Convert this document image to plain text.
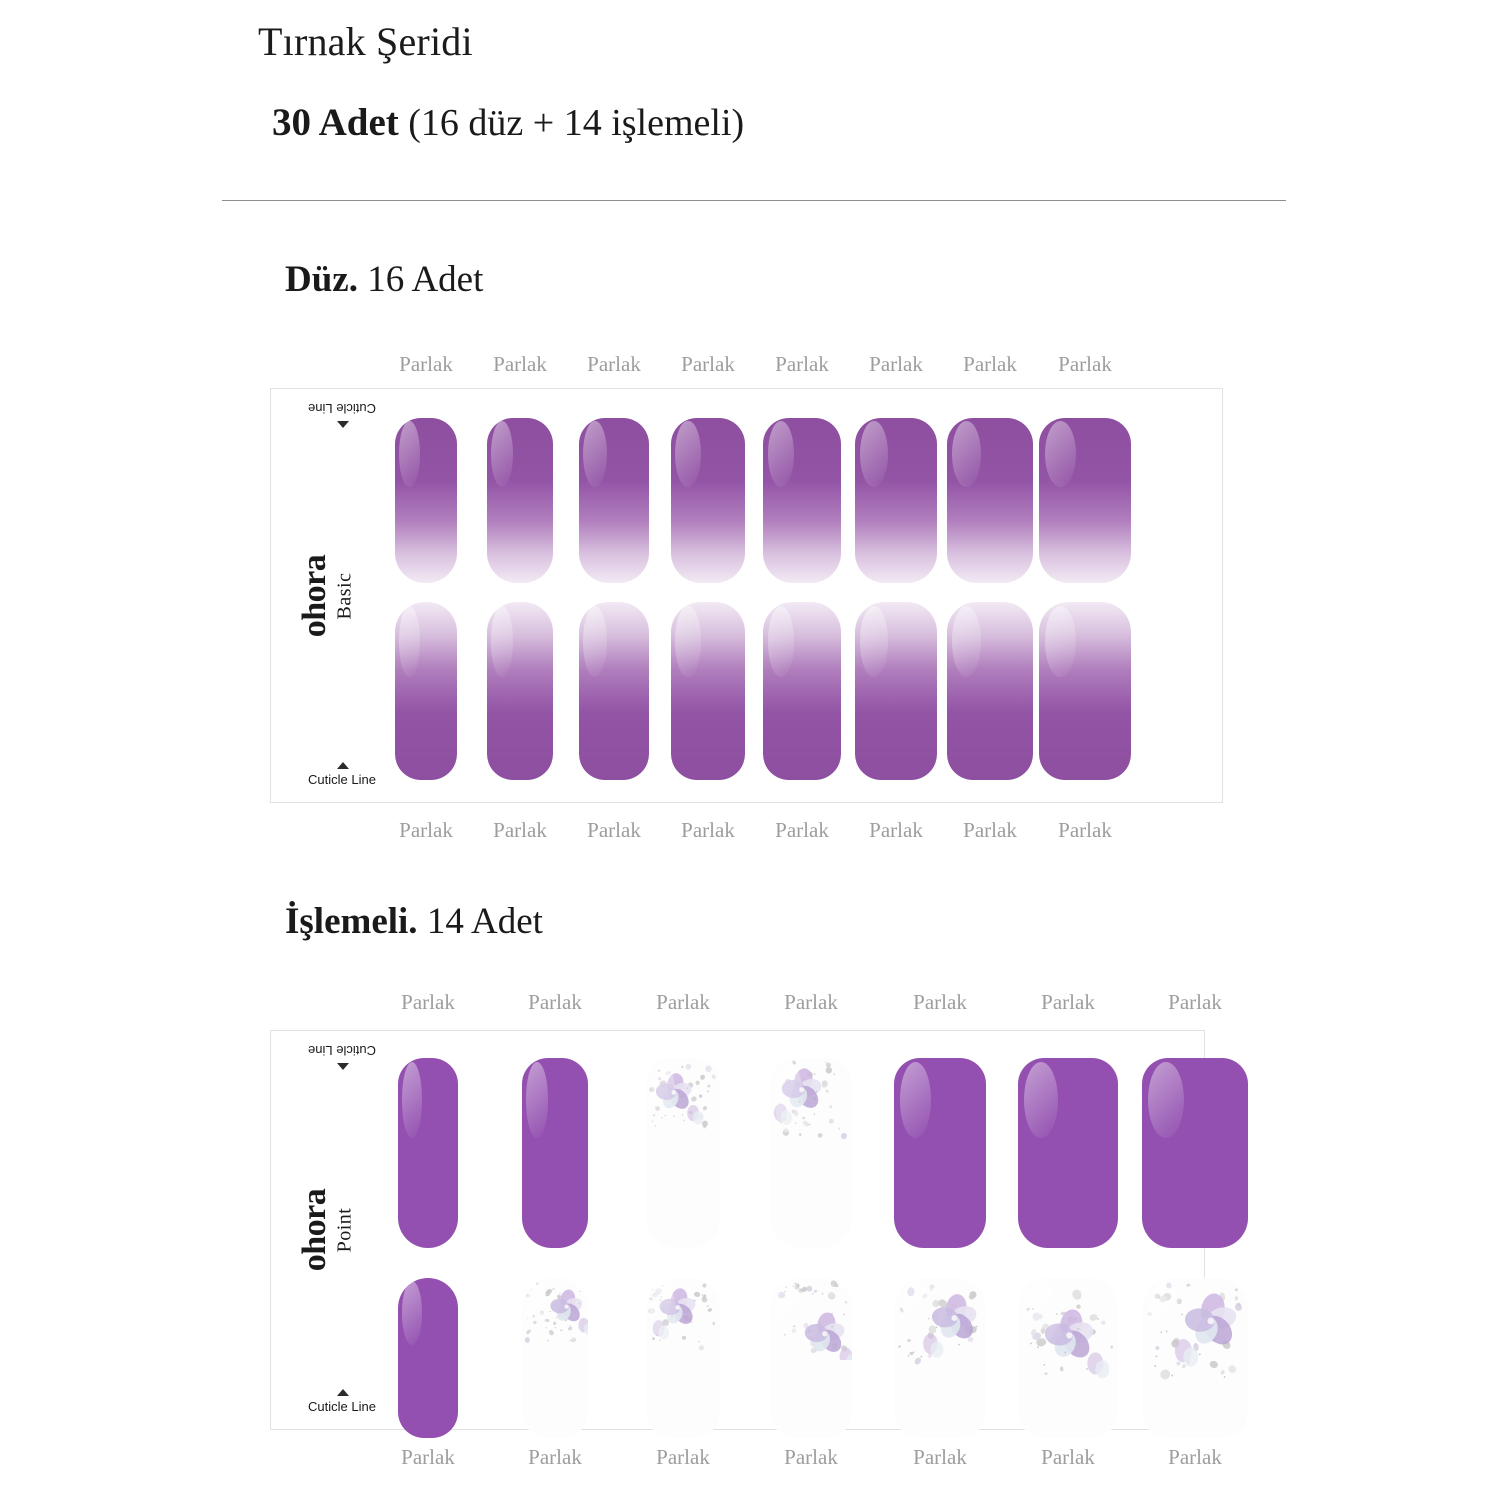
Tırnak Şeridi
30 Adet (16 düz + 14 işlemeli)
Düz. 16 Adet
ohora Basic
Cuticle Line
Cuticle Line
İşlemeli. 14 Adet
ohora Point
Cuticle Line
Cuticle Line
Parlak	Parlak	Parlak	Parlak	Parlak	Parlak	Parlak	Parlak
Parlak	Parlak	Parlak	Parlak	Parlak	Parlak	Parlak	Parlak
Parlak	Parlak	Parlak	Parlak	Parlak	Parlak	Parlak
Parlak	Parlak	Parlak	Parlak	Parlak	Parlak	Parlak
